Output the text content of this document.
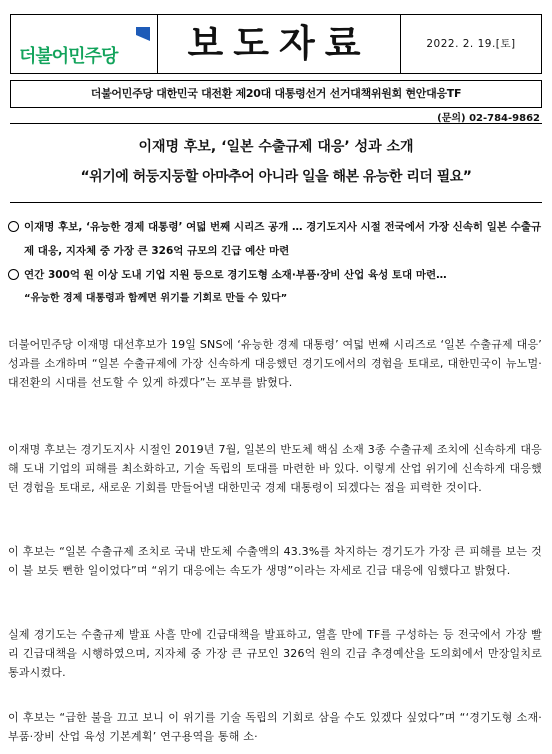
더불어민주당	보도자료	2022. 2. 19.[토]
더불어민주당 대한민국 대전환 제20대 대통령선거 선거대책위원회 현안대응TF
(문의) 02-784-9862
이재명 후보, ‘일본 수출규제 대응’ 성과 소개
“위기에 허둥지둥할 아마추어 아니라 일을 해본 유능한 리더 필요”
이재명 후보, ‘유능한 경제 대통령’ 여덟 번째 시리즈 공개 … 경기도지사 시절 전국에서 가장 신속히 일본 수출규제 대응, 지자체 중 가장 큰 326억 규모의 긴급 예산 마련
연간 300억 원 이상 도내 기업 지원 등으로 경기도형 소재·부품·장비 산업 육성 토대 마련…
“유능한 경제 대통령과 함께면 위기를 기회로 만들 수 있다”

더불어민주당 이재명 대선후보가 19일 SNS에 ‘유능한 경제 대통령’ 여덟 번째 시리즈로 ‘일본 수출규제 대응’ 성과를 소개하며 “일본 수출규제에 가장 신속하게 대응했던 경기도에서의 경험을 토대로, 대한민국이 뉴노멀·대전환의 시대를 선도할 수 있게 하겠다”는 포부를 밝혔다.

이재명 후보는 경기도지사 시절인 2019년 7월, 일본의 반도체 핵심 소재 3종 수출규제 조치에 신속하게 대응해 도내 기업의 피해를 최소화하고, 기술 독립의 토대를 마련한 바 있다. 이렇게 산업 위기에 신속하게 대응했던 경험을 토대로, 새로운 기회를 만들어낼 대한민국 경제 대통령이 되겠다는 점을 피력한 것이다.

이 후보는 “일본 수출규제 조치로 국내 반도체 수출액의 43.3%를 차지하는 경기도가 가장 큰 피해를 보는 것이 불 보듯 뻔한 일이었다”며 “위기 대응에는 속도가 생명”이라는 자세로 긴급 대응에 임했다고 밝혔다.

실제 경기도는 수출규제 발표 사흘 만에 긴급대책을 발표하고, 열흘 만에 TF를 구성하는 등 전국에서 가장 빨리 긴급대책을 시행하였으며, 지자체 중 가장 큰 규모인 326억 원의 긴급 추경예산을 도의회에서 만장일치로 통과시켰다.

이 후보는 “급한 불을 끄고 보니 이 위기를 기술 독립의 기회로 삼을 수도 있겠다 싶었다”며 “‘경기도형 소재·부품·장비 산업 육성 기본계획’ 연구용역을 통해 소·
